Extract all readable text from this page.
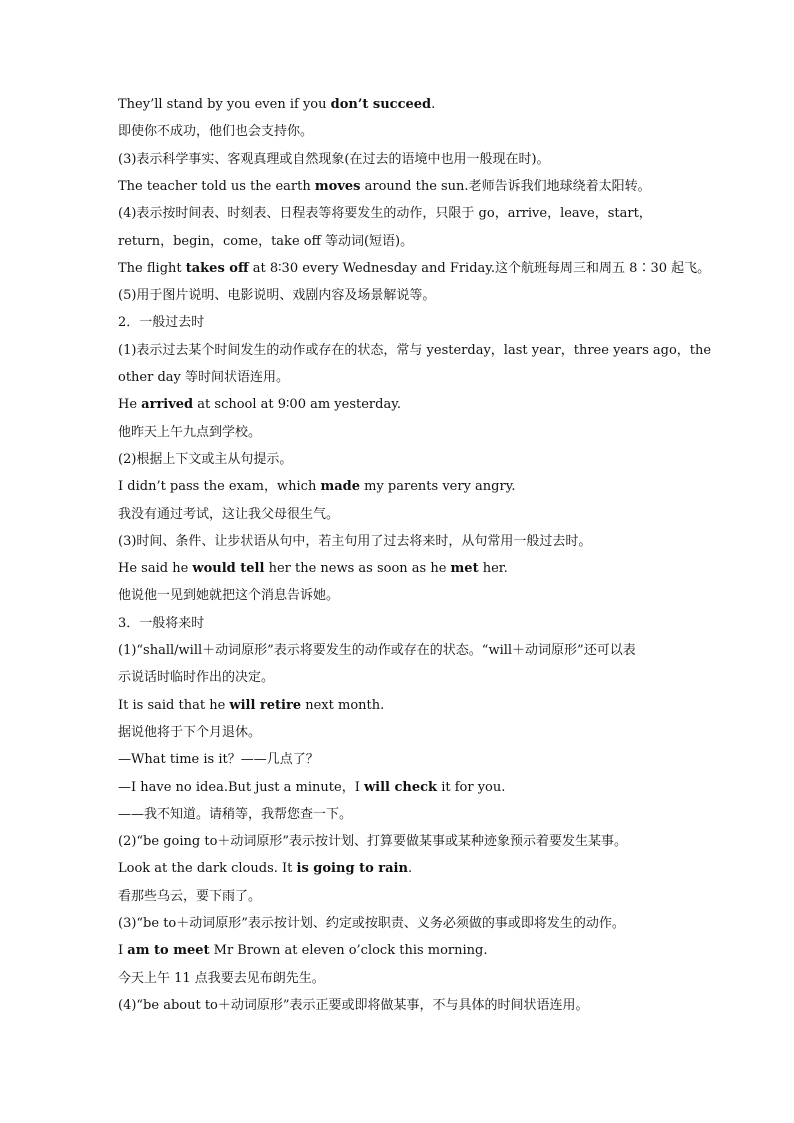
They’ll stand by you even if you don’t succeed.
即使你不成功，他们也会支持你。
(3)表示科学事实、客观真理或自然现象(在过去的语境中也用一般现在时)。
The teacher told us the earth moves around the sun.老师告诉我们地球绕着太阳转。
(4)表示按时间表、时刻表、日程表等将要发生的动作，只限于 go，arrive，leave，start，
return，begin，come，take off 等动词(短语)。
The flight takes off at 8∶30 every Wednesday and Friday.这个航班每周三和周五 8∶30 起飞。
(5)用于图片说明、电影说明、戏剧内容及场景解说等。
2．一般过去时
(1)表示过去某个时间发生的动作或存在的状态，常与 yesterday，last year，three years ago，the
other day 等时间状语连用。
He arrived at school at 9∶00 am yesterday.
他昨天上午九点到学校。
(2)根据上下文或主从句提示。
I didn’t pass the exam，which made my parents very angry.
我没有通过考试，这让我父母很生气。
(3)时间、条件、让步状语从句中，若主句用了过去将来时，从句常用一般过去时。
He said he would tell her the news as soon as he met her.
他说他一见到她就把这个消息告诉她。
3．一般将来时
(1)“shall/will＋动词原形”表示将要发生的动作或存在的状态。“will＋动词原形”还可以表
示说话时临时作出的决定。
It is said that he will retire next month.
据说他将于下个月退休。
—What time is it？——几点了？
—I have no idea.But just a minute，I will check it for you.
——我不知道。请稍等，我帮您查一下。
(2)“be going to＋动词原形”表示按计划、打算要做某事或某种迹象预示着要发生某事。
Look at the dark clouds. It is going to rain.
看那些乌云，要下雨了。
(3)“be to＋动词原形”表示按计划、约定或按职责、义务必须做的事或即将发生的动作。
I am to meet Mr Brown at eleven o’clock this morning.
今天上午 11 点我要去见布朗先生。
(4)“be about to＋动词原形”表示正要或即将做某事，不与具体的时间状语连用。
